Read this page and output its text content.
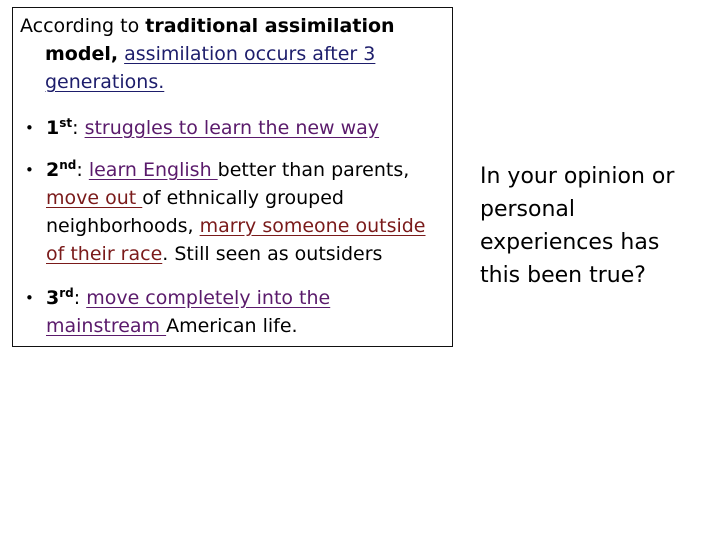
According to traditional assimilation
model, assimilation occurs after 3
generations.

• 1st: struggles to learn the new way
• 2nd: learn English better than parents,
move out of ethnically grouped
neighborhoods, marry someone outside
of their race. Still seen as outsiders
• 3rd: move completely into the
mainstream American life.

In your opinion or personal experiences has this been true?
